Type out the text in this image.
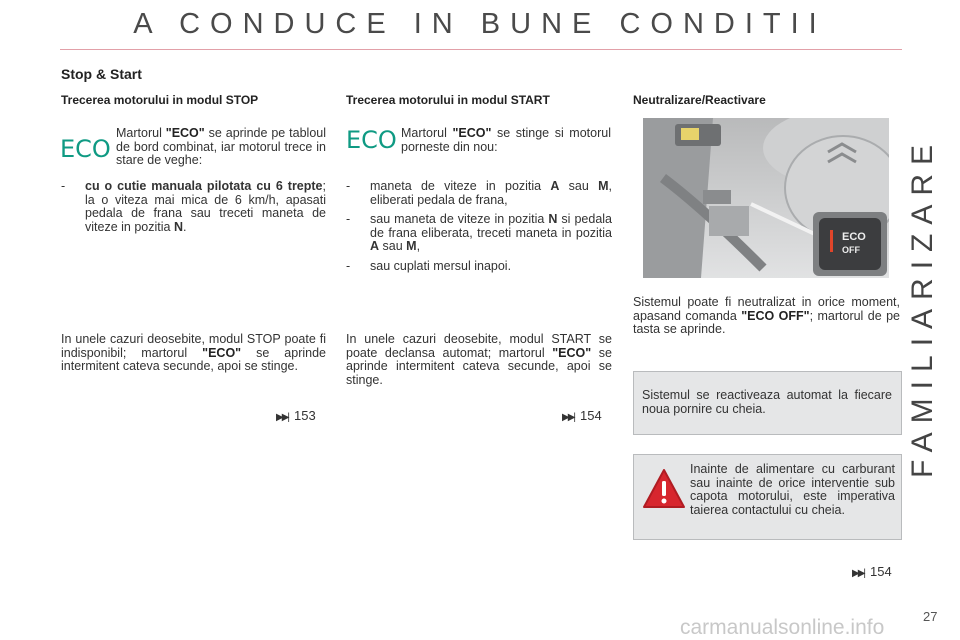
A CONDUCE IN BUNE CONDITII
FAMILIARIZARE
Stop & Start
Trecerea motorului in modul STOP
ECO
Martorul "ECO" se aprinde pe tabloul de bord combinat, iar motorul trece in stare de veghe:
- cu o cutie manuala pilotata cu 6 trepte; la o viteza mai mica de 6 km/h, apasati pedala de frana sau treceti maneta de viteze in pozitia N.
In unele cazuri deosebite, modul STOP poate fi indisponibil; martorul "ECO" se aprinde intermitent cateva secunde, apoi se stinge.
▶▶| 153
Trecerea motorului in modul START
ECO Martorul "ECO" se stinge si motorul porneste din nou:
- maneta de viteze in pozitia A sau M, eliberati pedala de frana,
- sau maneta de viteze in pozitia N si pedala de frana eliberata, treceti maneta in pozitia A sau M,
- sau cuplati mersul inapoi.
In unele cazuri deosebite, modul START se poate declansa automat; martorul "ECO" se aprinde intermitent cateva secunde, apoi se stinge.
▶▶| 154
Neutralizare/Reactivare
ECO
OFF
Sistemul poate fi neutralizat in orice moment, apasand comanda "ECO OFF"; martorul de pe tasta se aprinde.
Sistemul se reactiveaza automat la fiecare noua pornire cu cheia.
Inainte de alimentare cu carburant sau inainte de orice interventie sub capota motorului, este imperativa taierea contactului cu cheia.
▶▶| 154
carmanualsonline.info	27
